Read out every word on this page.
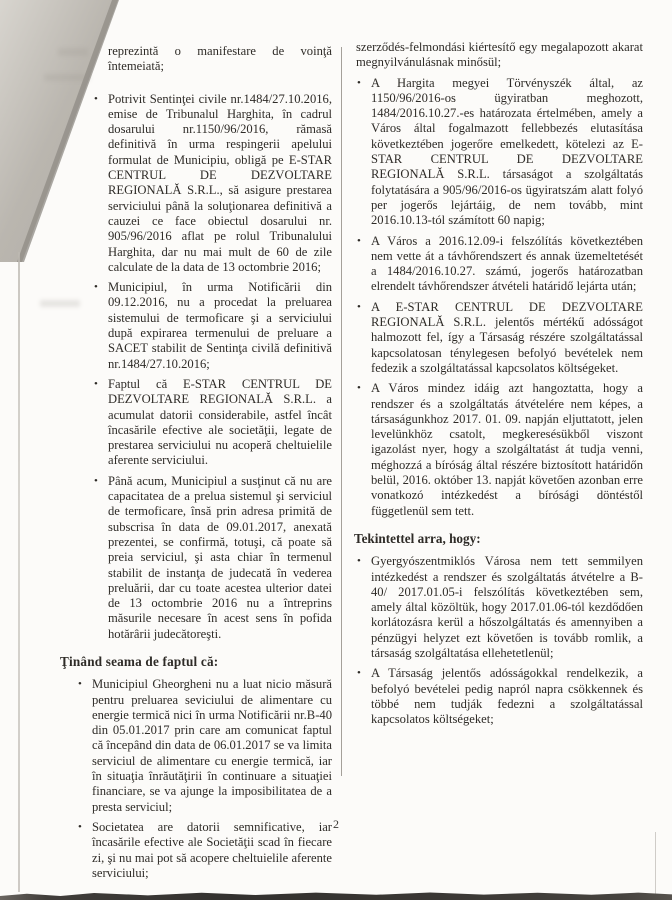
reprezintă o manifestare de voinţă întemeiată;

• Potrivit Sentinţei civile nr.1484/27.10.2016, emise de Tribunalul Harghita, în cadrul dosarului nr.1150/96/2016, rămasă definitivă în urma respingerii apelului formulat de Municipiu, obligă pe E-STAR CENTRUL DE DEZVOLTARE REGIONALĂ S.R.L., să asigure prestarea serviciului până la soluţionarea definitivă a cauzei ce face obiectul dosarului nr. 905/96/2016 aflat pe rolul Tribunalului Harghita, dar nu mai mult de 60 de zile calculate de la data de 13 octombrie 2016;
• Municipiul, în urma Notificării din 09.12.2016, nu a procedat la preluarea sistemului de termoficare şi a serviciului după expirarea termenului de preluare a SACET stabilit de Sentinţa civilă definitivă nr.1484/27.10.2016;
• Faptul că E-STAR CENTRUL DE DEZVOLTARE REGIONALĂ S.R.L. a acumulat datorii considerabile, astfel încât încasările efective ale societăţii, legate de prestarea serviciului nu acoperă cheltuielile aferente serviciului.
• Până acum, Municipiul a susţinut că nu are capacitatea de a prelua sistemul şi serviciul de termoficare, însă prin adresa primită de subscrisa în data de 09.01.2017, anexată prezentei, se confirmă, totuşi, că poate să preia serviciul, şi asta chiar în termenul stabilit de instanţa de judecată în vederea preluării, dar cu toate acestea ulterior datei de 13 octombrie 2016 nu a întreprins măsurile necesare în acest sens în pofida hotărârii judecătoreşti.
Ţinând seama de faptul că:
• Municipiul Gheorgheni nu a luat nicio măsură pentru preluarea seviciului de alimentare cu energie termică nici în urma Notificării nr.B-40 din 05.01.2017 prin care am comunicat faptul că începând din data de 06.01.2017 se va limita serviciul de alimentare cu energie termică, iar în situaţia înrăutăţirii în continuare a situaţiei financiare, se va ajunge la imposibilitatea de a presta serviciul;
• Societatea are datorii semnificative, iar încasările efective ale Societăţii scad în fiecare zi, şi nu mai pot să acopere cheltuielile aferente serviciului;

szerződés-felmondási kiértesítő egy megalapozott akarat megnyilvánulásnak minősül;

• A Hargita megyei Törvényszék által, az 1150/96/2016-os ügyiratban meghozott, 1484/2016.10.27.-es határozata értelmében, amely a Város által fogalmazott fellebbezés elutasítása következtében jogerőre emelkedett, kötelezi az E-STAR CENTRUL DE DEZVOLTARE REGIONALĂ S.R.L. társaságot a szolgáltatás folytatására a 905/96/2016-os ügyiratszám alatt folyó per jogerős lejártáig, de nem tovább, mint 2016.10.13-tól számított 60 napig;
• A Város a 2016.12.09-i felszólítás következtében nem vette át a távhőrendszert és annak üzemeltetését a 1484/2016.10.27. számú, jogerős határozatban elrendelt távhőrendszer átvételi határidő lejárta után;
• A E-STAR CENTRUL DE DEZVOLTARE REGIONALĂ S.R.L. jelentős mértékű adósságot halmozott fel, így a Társaság részére szolgáltatással kapcsolatosan ténylegesen befolyó bevételek nem fedezik a szolgáltatással kapcsolatos költségeket.
• A Város mindez idáig azt hangoztatta, hogy a rendszer és a szolgáltatás átvételére nem képes, a társaságunkhoz 2017. 01. 09. napján eljuttatott, jelen levelünkhöz csatolt, megkeresésükből viszont igazolást nyer, hogy a szolgáltatást át tudja venni, méghozzá a bíróság által részére biztosított határidőn belül, 2016. október 13. napját követően azonban erre vonatkozó intézkedést a bírósági döntéstől függetlenül sem tett.
Tekintettel arra, hogy:
• Gyergyószentmiklós Városa nem tett semmilyen intézkedést a rendszer és szolgáltatás átvételre a B-40/ 2017.01.05-i felszólítás következtében sem, amely által közöltük, hogy 2017.01.06-tól kezdődően korlátozásra kerül a hőszolgáltatás és amennyiben a pénzügyi helyzet ezt követően is tovább romlik, a társaság szolgáltatása ellehetetlenül;
• A Társaság jelentős adósságokkal rendelkezik, a befolyó bevételei pedig napról napra csökkennek és többé nem tudják fedezni a szolgáltatással kapcsolatos költségeket;
2
